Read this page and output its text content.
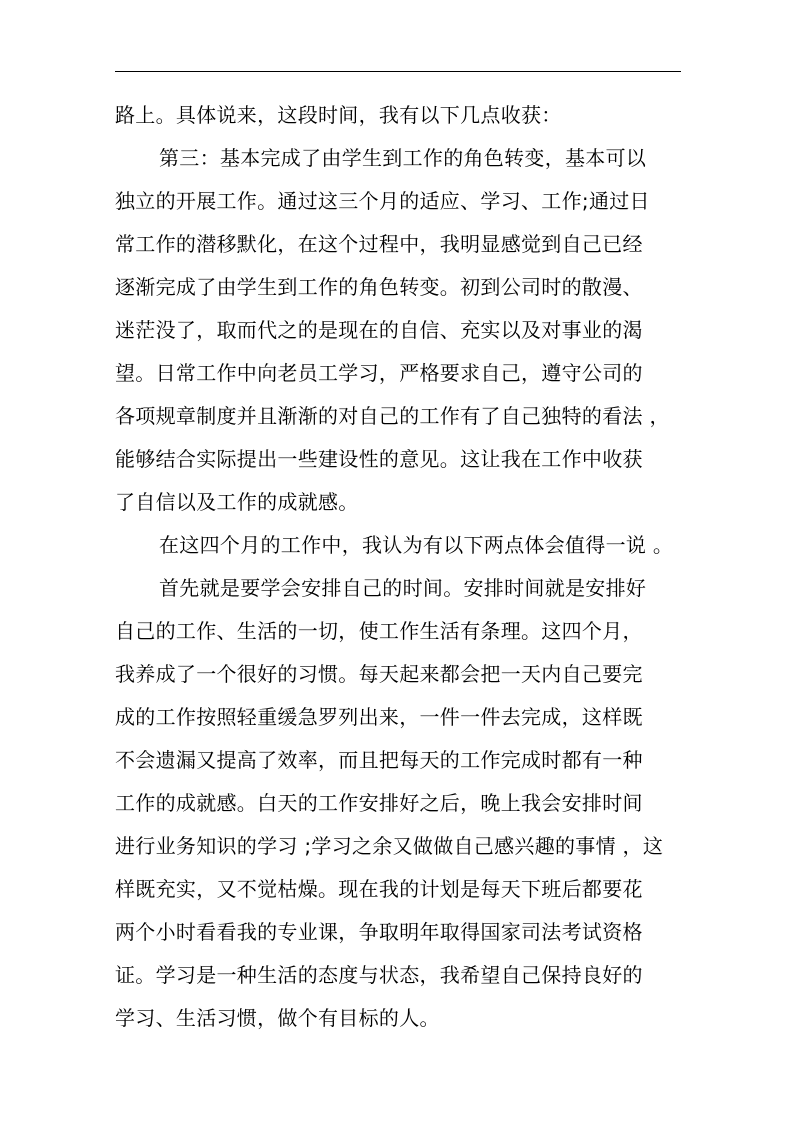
路上。具体说来，这段时间，我有以下几点收获：
第三：基本完成了由学生到工作的角色转变，基本可以
独立的开展工作。通过这三个月的适应、学习、工作;通过日
常工作的潜移默化，在这个过程中，我明显感觉到自己已经
逐渐完成了由学生到工作的角色转变。初到公司时的散漫、
迷茫没了，取而代之的是现在的自信、充实以及对事业的渴
望。日常工作中向老员工学习，严格要求自己，遵守公司的
各项规章制度并且渐渐的对自己的工作有了自己独特的看法 ，
能够结合实际提出一些建设性的意见。这让我在工作中收获
了自信以及工作的成就感。
在这四个月的工作中，我认为有以下两点体会值得一说 。
首先就是要学会安排自己的时间。安排时间就是安排好
自己的工作、生活的一切，使工作生活有条理。这四个月，
我养成了一个很好的习惯。每天起来都会把一天内自己要完
成的工作按照轻重缓急罗列出来，一件一件去完成，这样既
不会遗漏又提高了效率，而且把每天的工作完成时都有一种
工作的成就感。白天的工作安排好之后，晚上我会安排时间
进行业务知识的学习 ;学习之余又做做自己感兴趣的事情 ，这
样既充实，又不觉枯燥。现在我的计划是每天下班后都要花
两个小时看看我的专业课，争取明年取得国家司法考试资格
证。学习是一种生活的态度与状态，我希望自己保持良好的
学习、生活习惯，做个有目标的人。
